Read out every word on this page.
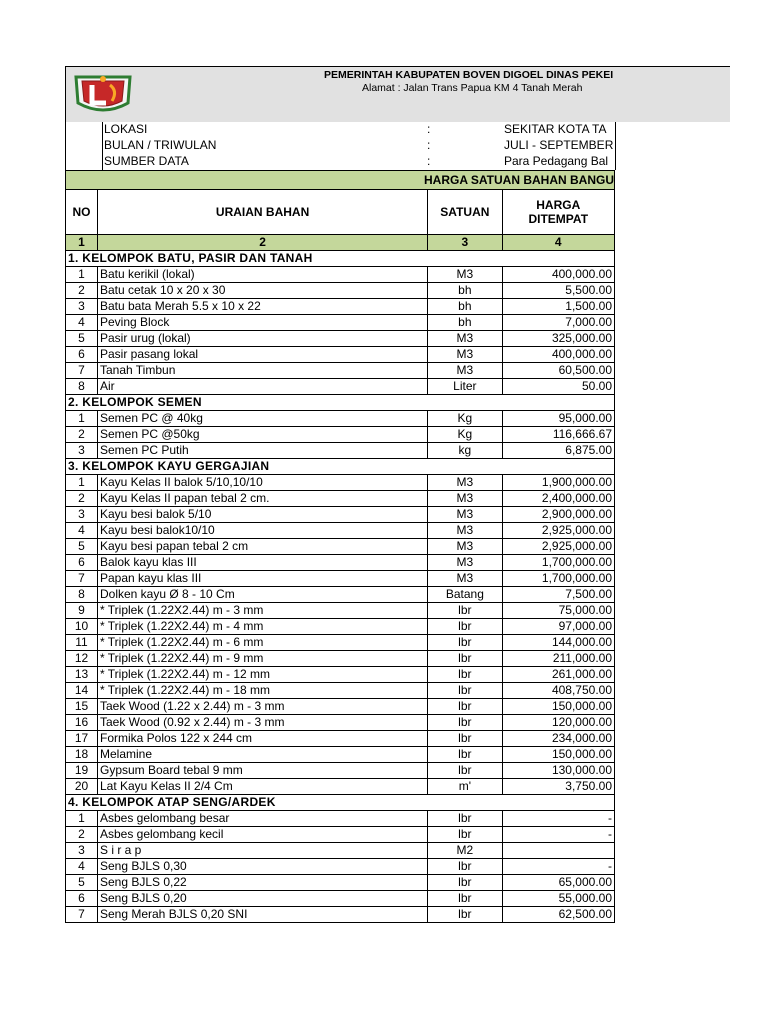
PEMERINTAH KABUPATEN BOVEN DIGOEL DINAS PEKEI
Alamat : Jalan Trans Papua KM 4 Tanah Merah
LOKASI	:	SEKITAR KOTA TA
BULAN / TRIWULAN	:	JULI - SEPTEMBER
SUMBER DATA	:	Para Pedagang Bal
HARGA SATUAN BAHAN BANGU			
NO	URAIAN BAHAN	SATUAN	HARGA DITEMPAT
1	2	3	4
1. KELOMPOK BATU, PASIR DAN TANAH			
1	Batu kerikil (lokal)	M3	400,000.00
2	Batu cetak 10 x 20 x 30	bh	5,500.00
3	Batu bata Merah 5.5 x 10 x 22	bh	1,500.00
4	Peving Block	bh	7,000.00
5	Pasir urug (lokal)	M3	325,000.00
6	Pasir pasang lokal	M3	400,000.00
7	Tanah Timbun	M3	60,500.00
8	Air	Liter	50.00
2. KELOMPOK SEMEN			
1	Semen PC @ 40kg	Kg	95,000.00
2	Semen PC @50kg	Kg	116,666.67
3	Semen PC Putih	kg	6,875.00
3. KELOMPOK KAYU GERGAJIAN			
1	Kayu Kelas II balok 5/10,10/10	M3	1,900,000.00
2	Kayu Kelas II papan tebal 2 cm.	M3	2,400,000.00
3	Kayu besi balok 5/10	M3	2,900,000.00
4	Kayu besi balok10/10	M3	2,925,000.00
5	Kayu besi papan tebal 2 cm	M3	2,925,000.00
6	Balok kayu klas III	M3	1,700,000.00
7	Papan kayu klas III	M3	1,700,000.00
8	Dolken kayu Ø 8 - 10 Cm	Batang	7,500.00
9	* Triplek (1.22X2.44) m - 3 mm	lbr	75,000.00
10	* Triplek (1.22X2.44) m - 4 mm	lbr	97,000.00
11	* Triplek (1.22X2.44) m - 6 mm	lbr	144,000.00
12	* Triplek (1.22X2.44) m - 9 mm	lbr	211,000.00
13	* Triplek (1.22X2.44) m - 12 mm	lbr	261,000.00
14	* Triplek (1.22X2.44) m - 18 mm	lbr	408,750.00
15	Taek Wood (1.22 x 2.44) m - 3 mm	lbr	150,000.00
16	Taek Wood (0.92 x 2.44) m - 3 mm	lbr	120,000.00
17	Formika Polos 122 x 244 cm	lbr	234,000.00
18	Melamine	lbr	150,000.00
19	Gypsum Board tebal 9 mm	lbr	130,000.00
20	Lat Kayu Kelas II 2/4 Cm	m'	3,750.00
4. KELOMPOK ATAP SENG/ARDEK			
1	Asbes gelombang besar	lbr	-
2	Asbes gelombang kecil	lbr	-
3	S i r a p	M2	
4	Seng BJLS 0,30	lbr	-
5	Seng BJLS 0,22	lbr	65,000.00
6	Seng BJLS 0,20	lbr	55,000.00
7	Seng Merah BJLS 0,20 SNI	lbr	62,500.00
